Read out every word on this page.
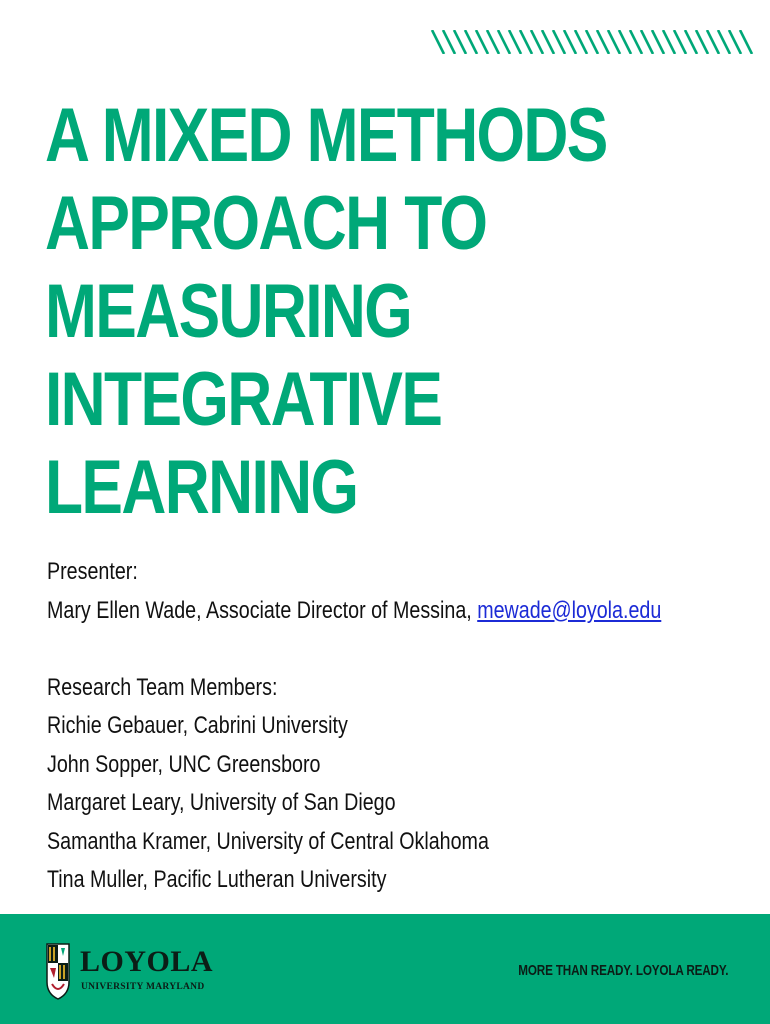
A MIXED METHODS
APPROACH TO
MEASURING
INTEGRATIVE
LEARNING
Presenter:
Mary Ellen Wade, Associate Director of Messina, mewade@loyola.edu
Research Team Members:
Richie Gebauer, Cabrini University
John Sopper, UNC Greensboro
Margaret Leary, University of San Diego
Samantha Kramer, University of Central Oklahoma
Tina Muller, Pacific Lutheran University
LOYOLA
UNIVERSITY MARYLAND
MORE THAN READY. LOYOLA READY.
